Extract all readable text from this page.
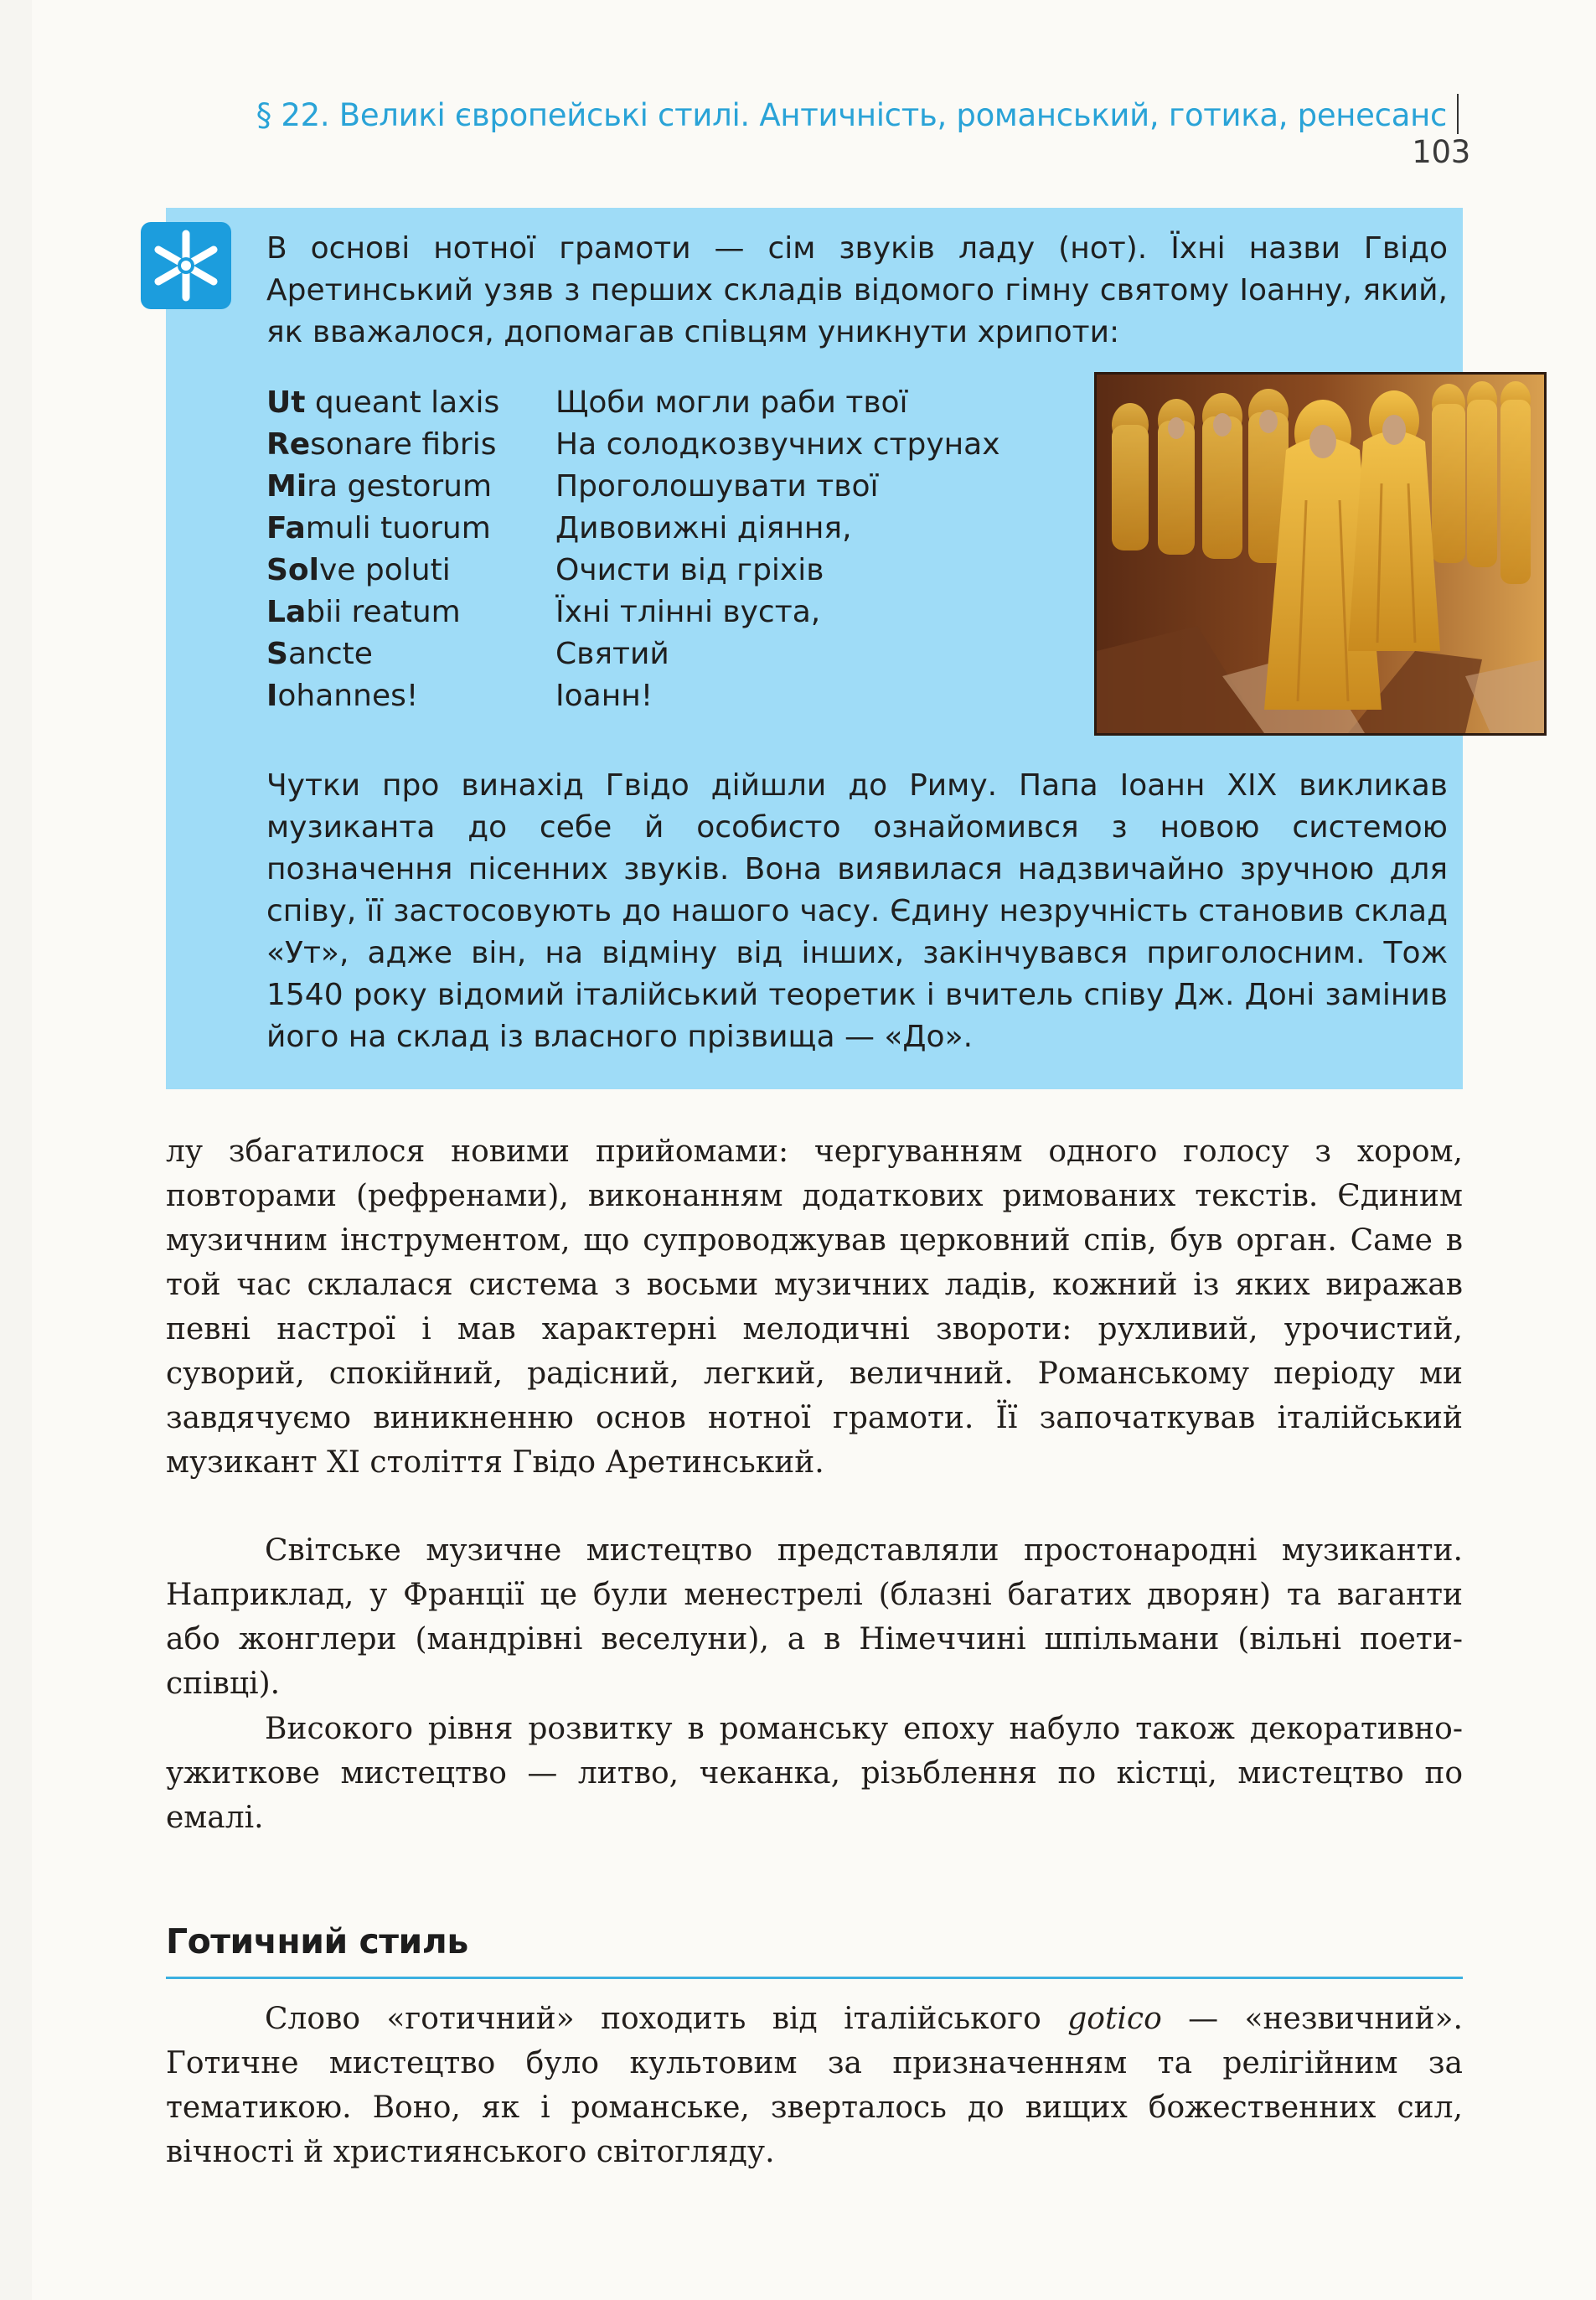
§ 22. Великі європейські стилі. Античність, романський, готика, ренесанс103
В основі нотної грамоти — сім звуків ладу (нот). Їхні назви Гвідо Аретинський узяв з перших складів відомого гімну святому Іоанну, який, як вважалося, допомагав співцям уникнути хрипоти:
Ut queant laxis	Щоби могли раби твої
Resonare fibris	На солодкозвучних струнах
Mira gestorum	Проголошувати твої
Famuli tuorum	Дивовижні діяння,
Solve poluti	Очисти від гріхів
Labii reatum	Їхні тлінні вуста,
Sancte	Святий
Iohannes!	Іоанн!
Чутки про винахід Гвідо дійшли до Риму. Папа Іоанн XIX викликав музиканта до себе й особисто ознайомився з новою системою позначення пісенних звуків. Вона виявилася надзвичайно зручною для співу, її застосовують до нашого часу. Єдину незручність становив склад «Ут», адже він, на відміну від інших, закінчувався приголосним. Тож 1540 року відомий італійський теоретик і вчитель співу Дж. Доні замінив його на склад із власного прізвища — «До».

лу збагатилося новими прийомами: чергуванням одного голосу з хором, повторами (рефренами), виконанням додаткових римованих текстів. Єдиним музичним інструментом, що супроводжував церковний спів, був орган. Саме в той час склалася система з восьми музичних ладів, кожний із яких виражав певні настрої і мав характерні мелодичні звороти: рухливий, урочистий, суворий, спокійний, радісний, легкий, величний. Романському періоду ми завдячуємо виникненню основ нотної грамоти. Її започаткував італійський музикант XI століття Гвідо Аретинський.

Світське музичне мистецтво представляли простонародні музиканти. Наприклад, у Франції це були менестрелі (блазні багатих дворян) та ваганти або жонглери (мандрівні веселуни), а в Німеччині шпільмани (вільні поети-співці).

Високого рівня розвитку в романську епоху набуло також декоративно-ужиткове мистецтво — литво, чеканка, різьблення по кістці, мистецтво по емалі.

Готичний стиль

Слово «готичний» походить від італійського gotico — «незвичний». Готичне мистецтво було культовим за призначенням та релігійним за тематикою. Воно, як і романське, зверталось до вищих божественних сил, вічності й християнського світогляду.
